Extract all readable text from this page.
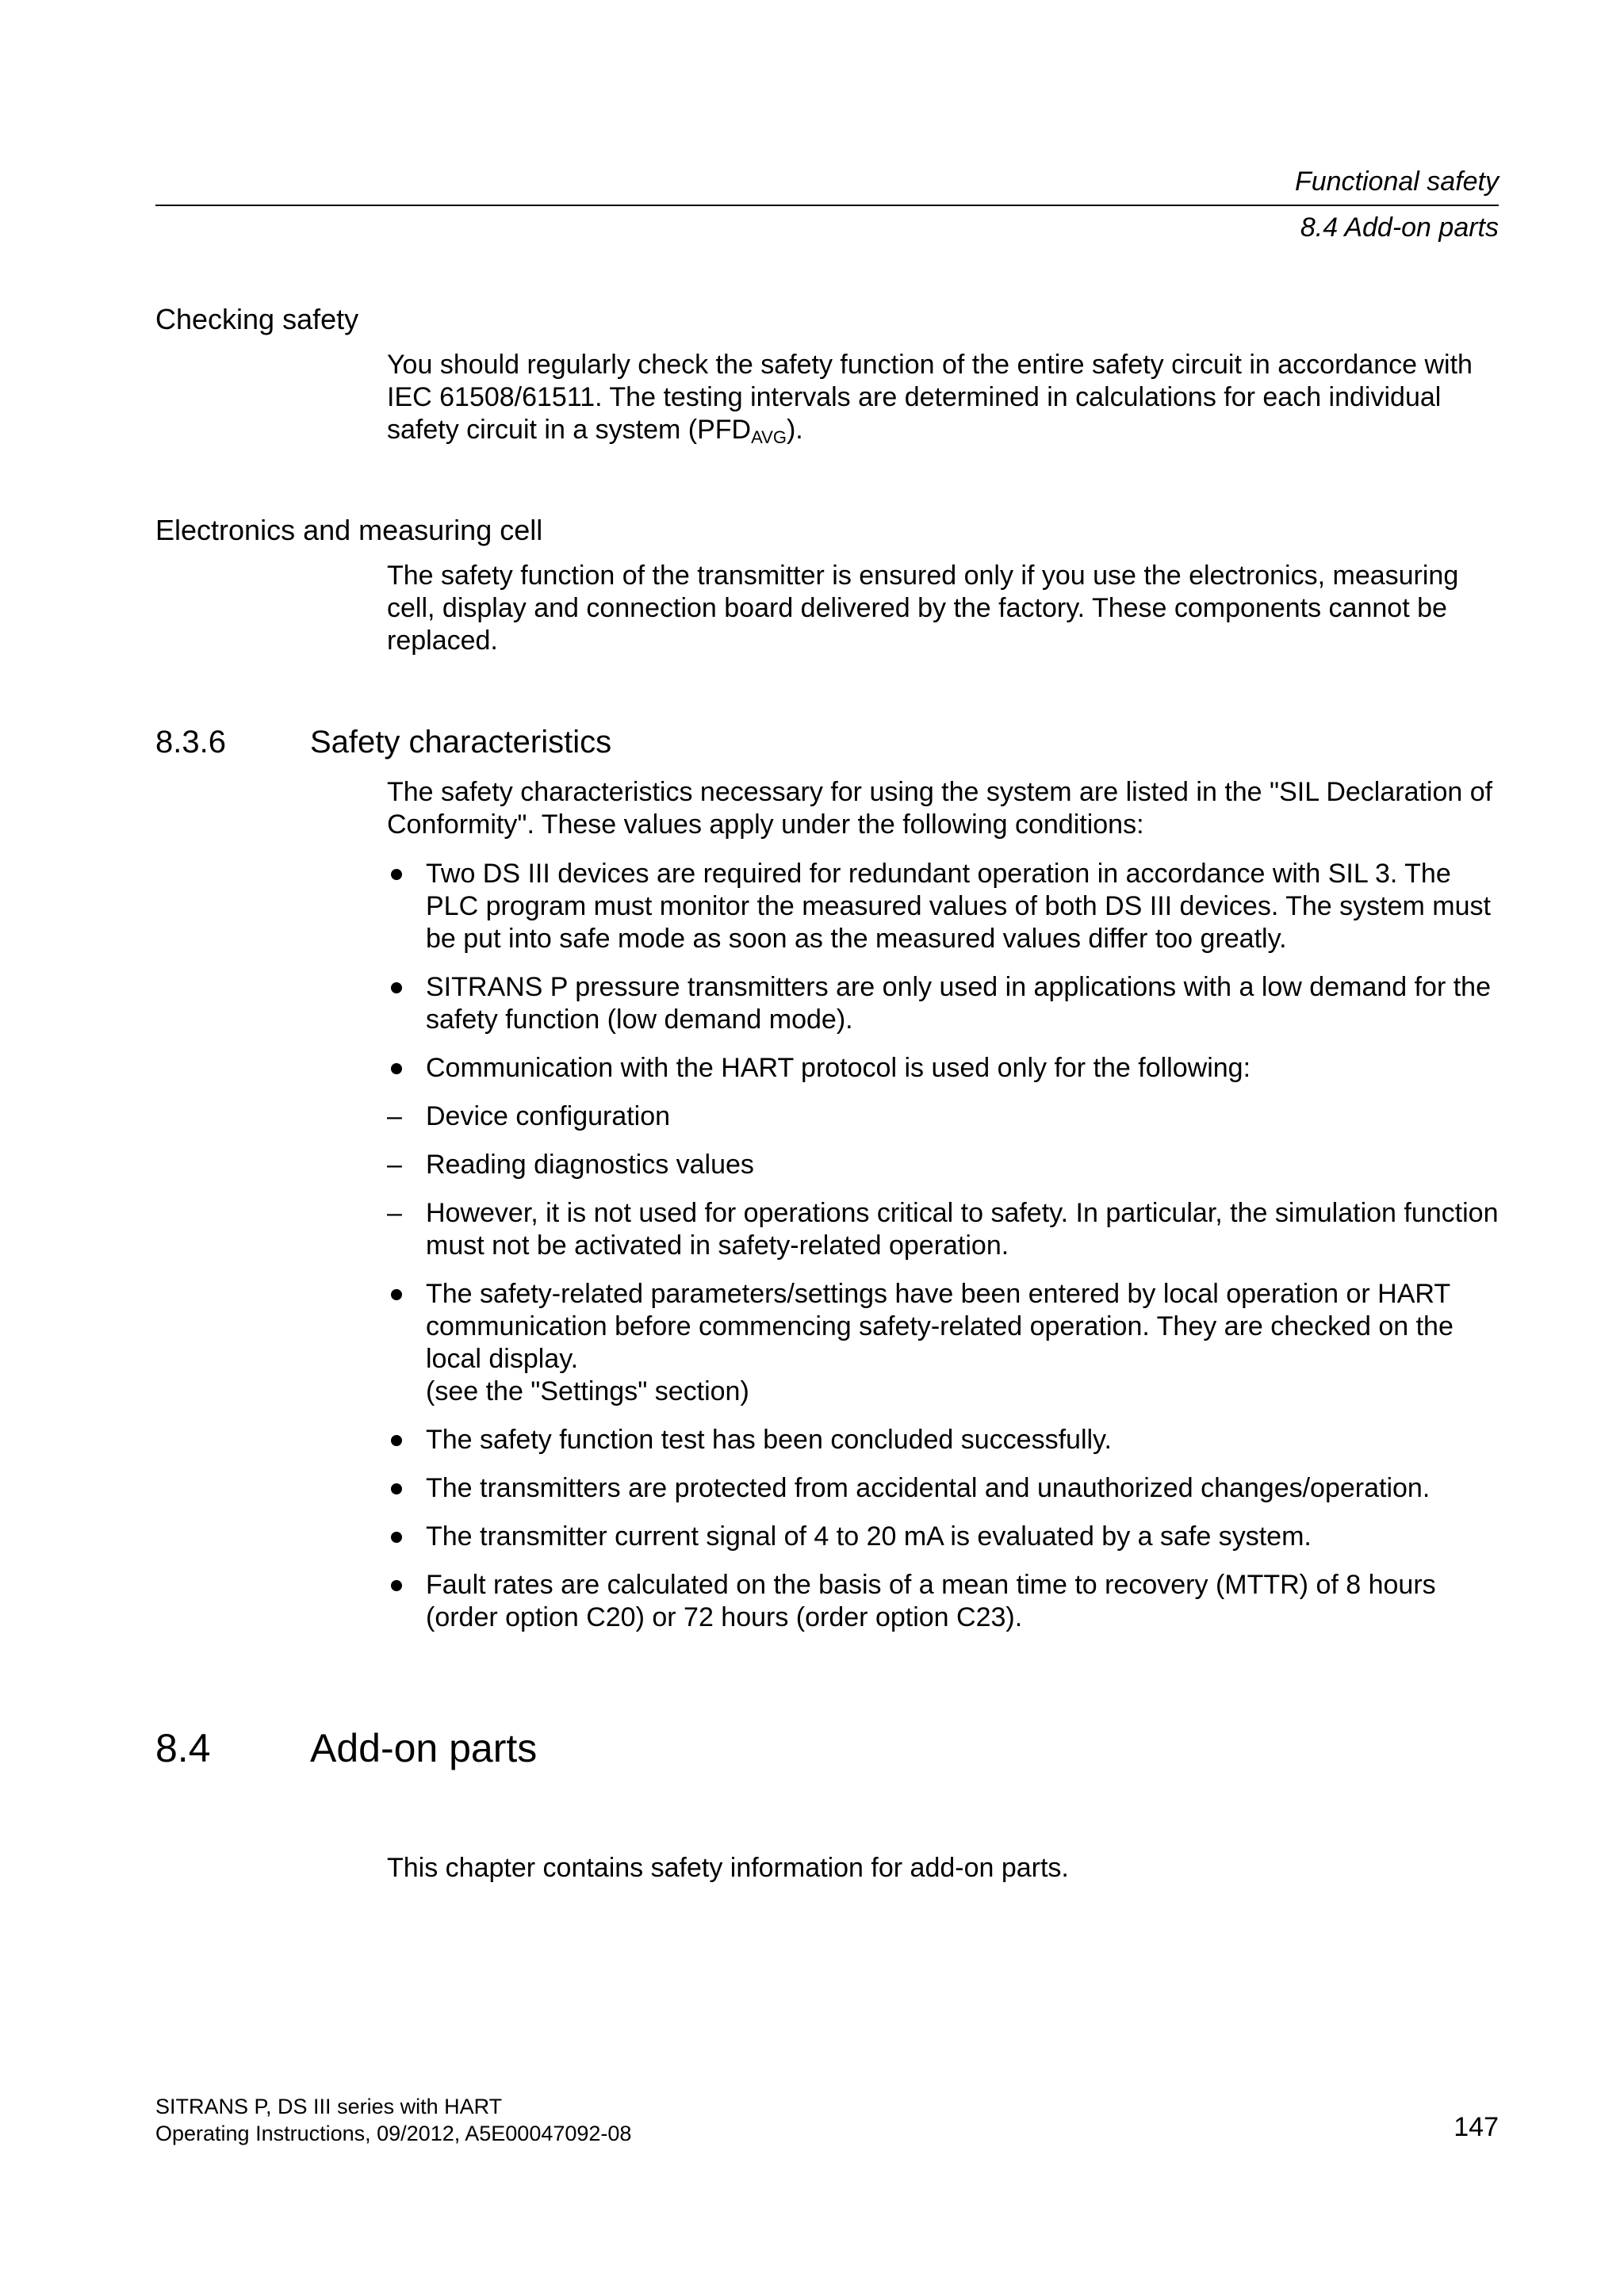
Functional safety
8.4 Add-on parts
Checking safety
You should regularly check the safety function of the entire safety circuit in accordance with IEC 61508/61511. The testing intervals are determined in calculations for each individual safety circuit in a system $(PFD_{AVG})$.
Electronics and measuring cell
The safety function of the transmitter is ensured only if you use the electronics, measuring cell, display and connection board delivered by the factory. These components cannot be replaced.
8.3.6	Safety characteristics
The safety characteristics necessary for using the system are listed in the "SIL Declaration of Conformity". These values apply under the following conditions:
Two DS III devices are required for redundant operation in accordance with SIL 3. The PLC program must monitor the measured values of both DS III devices. The system must be put into safe mode as soon as the measured values differ too greatly.
SITRANS P pressure transmitters are only used in applications with a low demand for the safety function (low demand mode).
Communication with the HART protocol is used only for the following:
– Device configuration
– Reading diagnostics values
– However, it is not used for operations critical to safety. In particular, the simulation function must not be activated in safety-related operation.
The safety-related parameters/settings have been entered by local operation or HART communication before commencing safety-related operation. They are checked on the local display.
(see the "Settings" section)
The safety function test has been concluded successfully.
The transmitters are protected from accidental and unauthorized changes/operation.
The transmitter current signal of 4 to 20 mA is evaluated by a safe system.
Fault rates are calculated on the basis of a mean time to recovery (MTTR) of 8 hours (order option C20) or 72 hours (order option C23).
8.4	Add-on parts
This chapter contains safety information for add-on parts.
SITRANS P, DS III series with HART
Operating Instructions, 09/2012, A5E00047092-08	147
